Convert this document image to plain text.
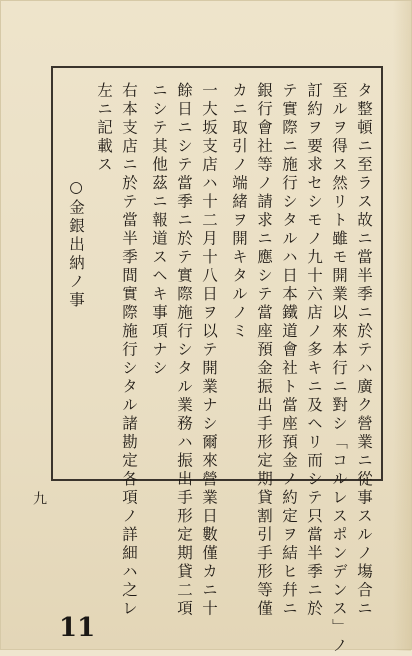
タ整頓ニ至ラス故ニ當半季ニ於テハ廣ク營業ニ從事スルノ塲合ニ
至ルヲ得ス然リト雖モ開業以來本行ニ對シ「コルレスポンデンス」ノ
訂約ヲ要求セシモノ九十六店ノ多キニ及ヘリ而シテ只當半季ニ於
テ實際ニ施行シタルハ日本鐵道會社ト當座預金ノ約定ヲ結ヒ幷ニ
銀行會社等ノ請求ニ應シテ當座預金振出手形定期貸割引手形等僅
カニ取引ノ端緒ヲ開キタルノミ
一大坂支店ハ十二月十八日ヲ以テ開業ナシ爾來營業日數僅カニ十
餘日ニシテ當季ニ於テ實際施行シタル業務ハ振出手形定期貸二項
ニシテ其他茲ニ報道スヘキ事項ナシ
右本支店ニ於テ當半季間實際施行シタル諸勘定各項ノ詳細ハ之レ
左ニ記載ス
○金銀出納ノ事
九
11
